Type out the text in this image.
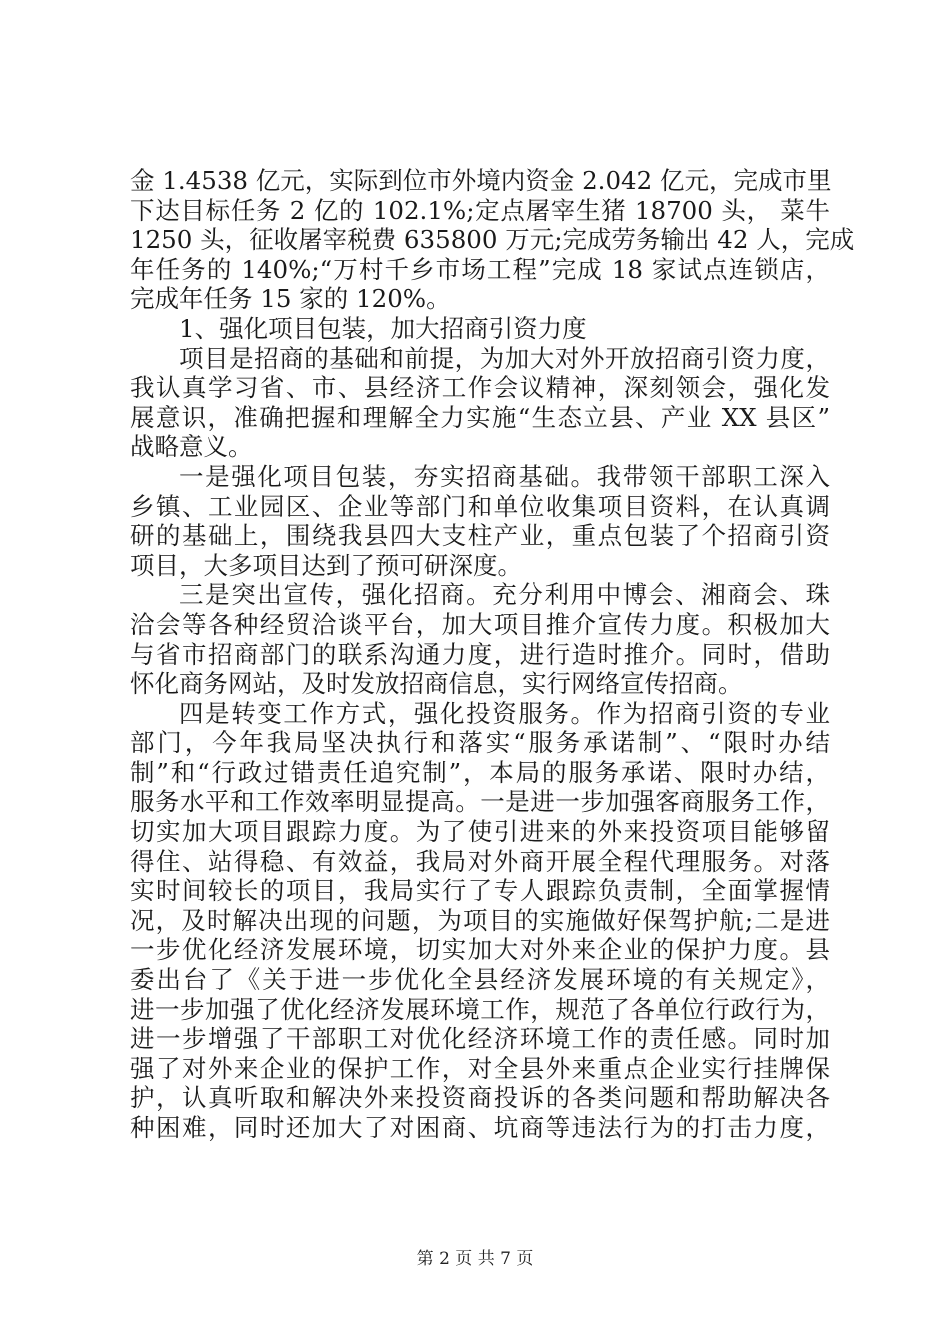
金 1.4538 亿元，实际到位市外境内资金 2.042 亿元，完成市里
下达目标任务 2 亿的 102.1%;定点屠宰生猪 18700 头， 菜牛
1250 头，征收屠宰税费 635800 万元;完成劳务输出 42 人，完成
年任务的 140%;“万村千乡市场工程”完成 18 家试点连锁店，
完成年任务 15 家的 120%。
1、强化项目包装，加大招商引资力度
项目是招商的基础和前提，为加大对外开放招商引资力度，
我认真学习省、市、县经济工作会议精神，深刻领会，强化发
展意识，准确把握和理解全力实施“生态立县、产业 XX 县区”
战略意义。
一是强化项目包装，夯实招商基础。我带领干部职工深入
乡镇、工业园区、企业等部门和单位收集项目资料，在认真调
研的基础上，围绕我县四大支柱产业，重点包装了个招商引资
项目，大多项目达到了预可研深度。
三是突出宣传，强化招商。充分利用中博会、湘商会、珠
洽会等各种经贸洽谈平台，加大项目推介宣传力度。积极加大
与省市招商部门的联系沟通力度，进行造时推介。同时，借助
怀化商务网站，及时发放招商信息，实行网络宣传招商。
四是转变工作方式，强化投资服务。作为招商引资的专业
部门，今年我局坚决执行和落实“服务承诺制”、“限时办结
制”和“行政过错责任追究制”，本局的服务承诺、限时办结，
服务水平和工作效率明显提高。一是进一步加强客商服务工作，
切实加大项目跟踪力度。为了使引进来的外来投资项目能够留
得住、站得稳、有效益，我局对外商开展全程代理服务。对落
实时间较长的项目，我局实行了专人跟踪负责制，全面掌握情
况，及时解决出现的问题，为项目的实施做好保驾护航;二是进
一步优化经济发展环境，切实加大对外来企业的保护力度。县
委出台了《关于进一步优化全县经济发展环境的有关规定》，
进一步加强了优化经济发展环境工作，规范了各单位行政行为，
进一步增强了干部职工对优化经济环境工作的责任感。同时加
强了对外来企业的保护工作，对全县外来重点企业实行挂牌保
护，认真听取和解决外来投资商投诉的各类问题和帮助解决各
种困难，同时还加大了对困商、坑商等违法行为的打击力度，
第 2 页 共 7 页
